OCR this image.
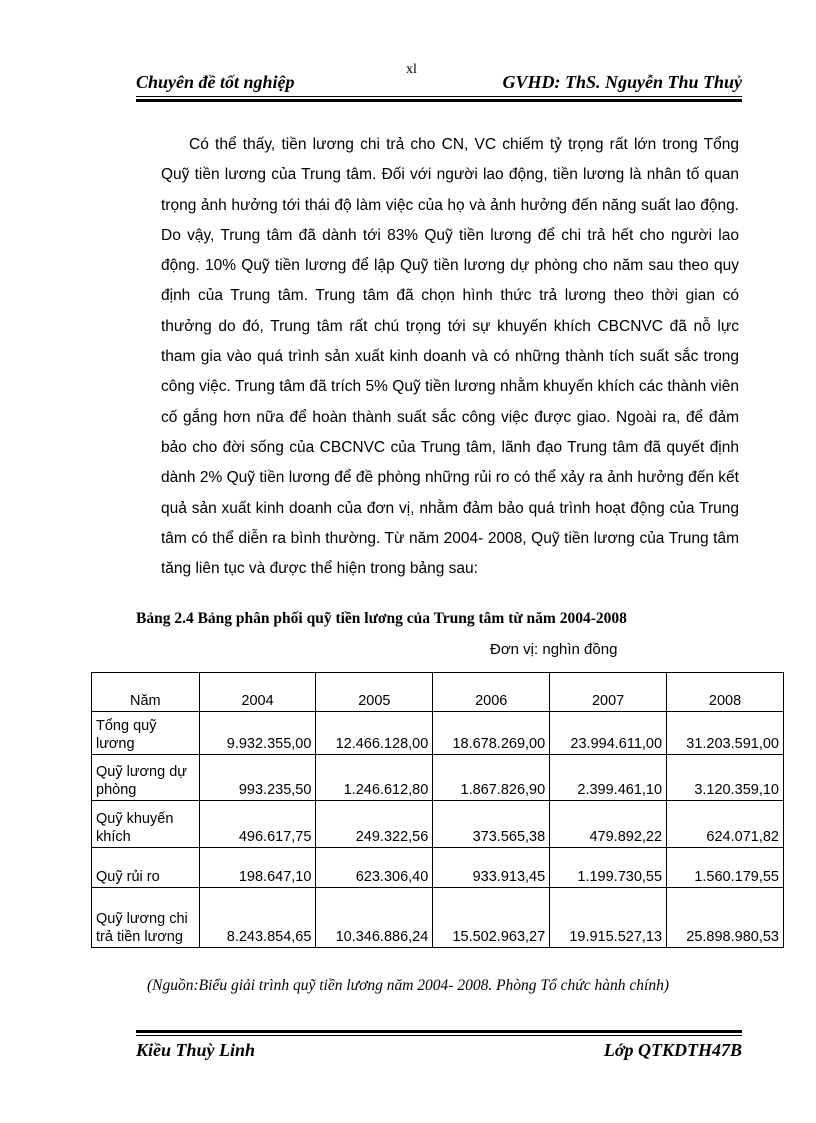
xl
Chuyên đề tốt nghiệp	GVHD: ThS. Nguyễn Thu Thuỷ

Có thể thấy, tiền lương chi trả cho CN, VC chiếm tỷ trọng rất lớn trong Tổng Quỹ tiền lương của Trung tâm. Đối với người lao động, tiền lương là nhân tố quan trọng ảnh hưởng tới thái độ làm việc của họ và ảnh hưởng đến năng suất lao động. Do vậy, Trung tâm đã dành tới 83% Quỹ tiền lương để chi trả hết cho người lao động. 10% Quỹ tiền lương để lập Quỹ tiền lương dự phòng cho năm sau theo quy định của Trung tâm. Trung tâm đã chọn hình thức trả lương theo thời gian có thưởng do đó, Trung tâm rất chú trọng tới sự khuyến khích CBCNVC đã nỗ lực tham gia vào quá trình sản xuất kinh doanh và có những thành tích suất sắc trong công việc. Trung tâm đã trích 5% Quỹ tiền lương nhằm khuyến khích các thành viên cố gắng hơn nữa để hoàn thành suất sắc công việc được giao. Ngoài ra, để đảm bảo cho đời sống của CBCNVC của Trung tâm, lãnh đạo Trung tâm đã quyết định dành 2% Quỹ tiền lương để đề phòng những rủi ro có thể xảy ra ảnh hưởng đến kết quả sản xuất kinh doanh của đơn vị, nhằm đảm bảo quá trình hoạt động của Trung tâm có thể diễn ra bình thường. Từ năm 2004- 2008, Quỹ tiền lương của Trung tâm tăng liên tục và được thể hiện trong bảng sau:

Bảng 2.4 Bảng phân phối quỹ tiền lương của Trung tâm từ năm 2004-2008
Đơn vị: nghìn đồng
Năm	2004	2005	2006	2007	2008
Tổng quỹ lương	9.932.355,00	12.466.128,00	18.678.269,00	23.994.611,00	31.203.591,00
Quỹ lương dự phòng	993.235,50	1.246.612,80	1.867.826,90	2.399.461,10	3.120.359,10
Quỹ khuyến khích	496.617,75	249.322,56	373.565,38	479.892,22	624.071,82
Quỹ rủi ro	198.647,10	623.306,40	933.913,45	1.199.730,55	1.560.179,55
Quỹ lương chi trả tiền lương	8.243.854,65	10.346.886,24	15.502.963,27	19.915.527,13	25.898.980,53
(Nguồn:Biểu giải trình quỹ tiền lương năm 2004- 2008. Phòng Tổ chức hành chính)
Kiều Thuỳ Linh	Lớp QTKDTH47B
